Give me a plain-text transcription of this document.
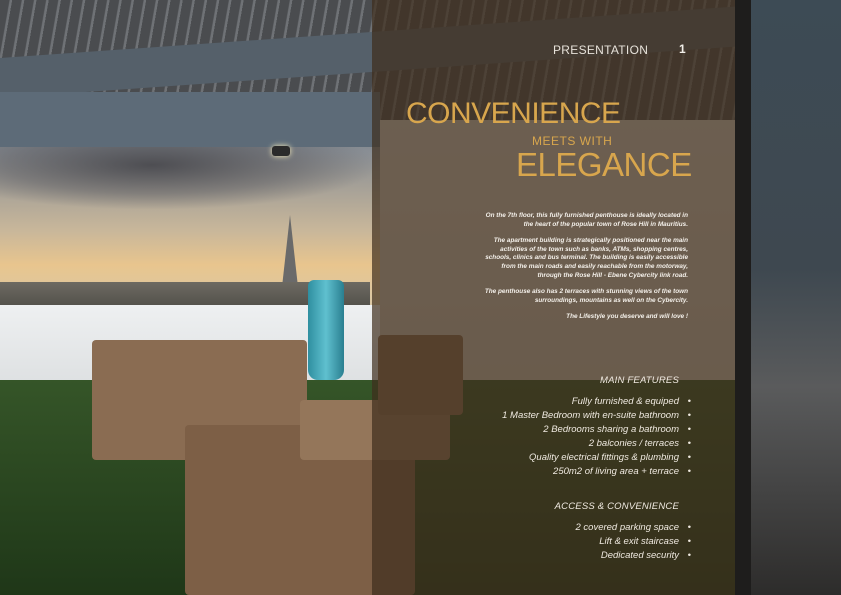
PRESENTATION	1
CONVENIENCE
MEETS WITH
ELEGANCE

On the 7th floor, this fully furnished penthouse is ideally located in the heart of the popular town of Rose Hill in Mauritius.

The apartment building is strategically positioned near the main activities of the town such as banks, ATMs, shopping centres, schools, clinics and bus terminal. The building is easily accessible from the main roads and easily reachable from the motorway, through the Rose Hill - Ebene Cybercity link road.

The penthouse also has 2 terraces with stunning views of the town surroundings, mountains as well on the Cybercity.

The Lifestyle you deserve and will love !

MAIN FEATURES
Fully furnished & equiped •
1 Master Bedroom with en-suite bathroom •
2 Bedrooms sharing a bathroom •
2 balconies / terraces •
Quality electrical fittings & plumbing •
250m2 of living area + terrace •
ACCESS & CONVENIENCE
2 covered parking space •
Lift & exit staircase •
Dedicated security •
